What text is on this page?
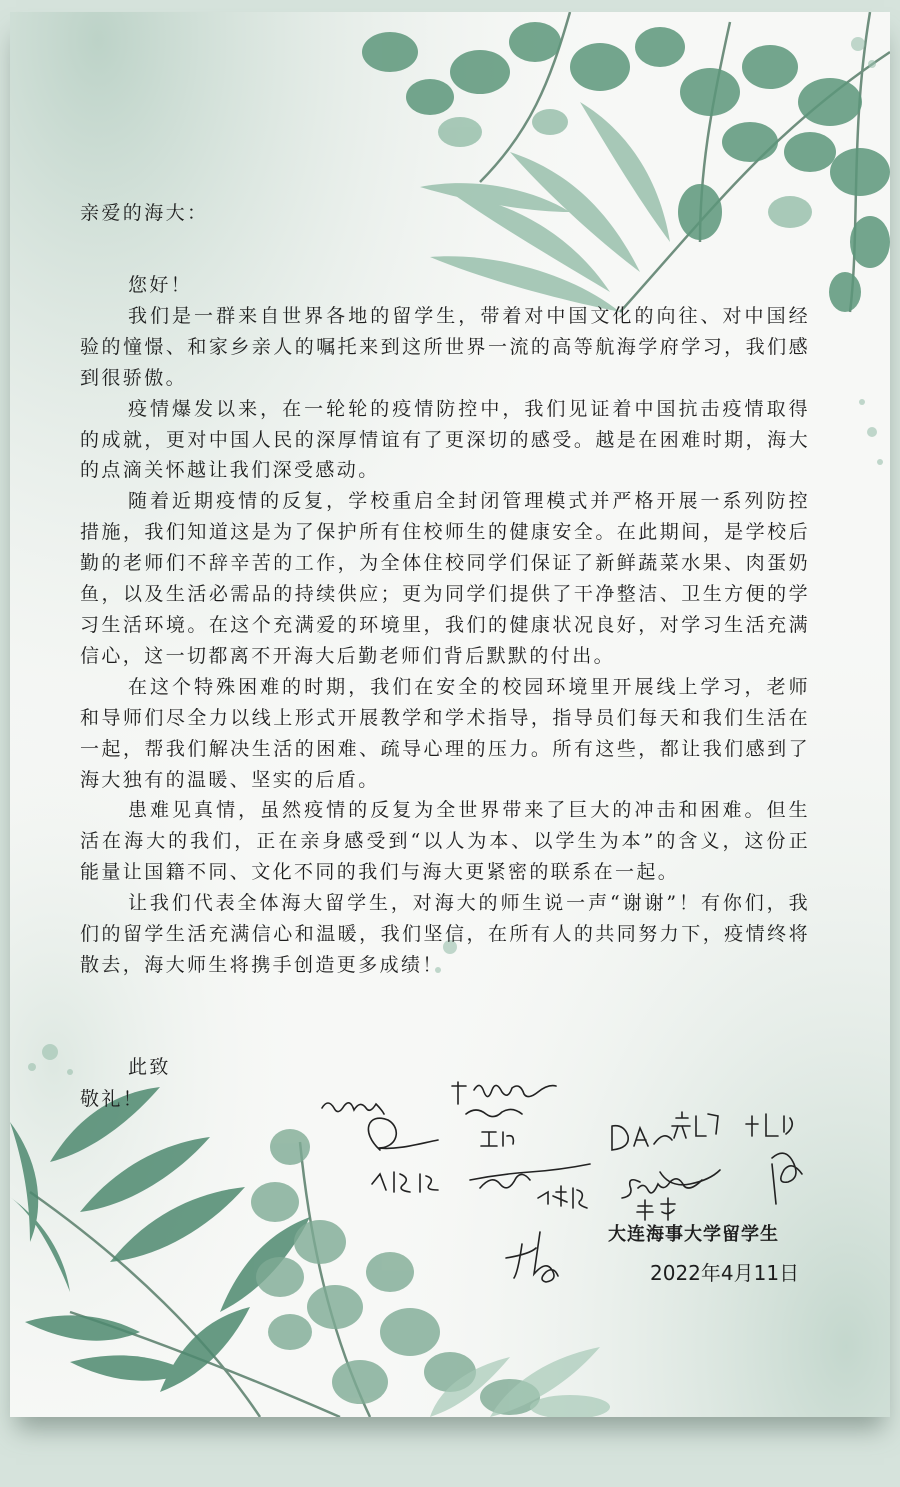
亲爱的海大：
您好！

我们是一群来自世界各地的留学生，带着对中国文化的向往、对中国经验的憧憬、和家乡亲人的嘱托来到这所世界一流的高等航海学府学习，我们感到很骄傲。

疫情爆发以来，在一轮轮的疫情防控中，我们见证着中国抗击疫情取得的成就，更对中国人民的深厚情谊有了更深切的感受。越是在困难时期，海大的点滴关怀越让我们深受感动。

随着近期疫情的反复，学校重启全封闭管理模式并严格开展一系列防控措施，我们知道这是为了保护所有住校师生的健康安全。在此期间，是学校后勤的老师们不辞辛苦的工作，为全体住校同学们保证了新鲜蔬菜水果、肉蛋奶鱼，以及生活必需品的持续供应；更为同学们提供了干净整洁、卫生方便的学习生活环境。在这个充满爱的环境里，我们的健康状况良好，对学习生活充满信心，这一切都离不开海大后勤老师们背后默默的付出。

在这个特殊困难的时期，我们在安全的校园环境里开展线上学习，老师和导师们尽全力以线上形式开展教学和学术指导，指导员们每天和我们生活在一起，帮我们解决生活的困难、疏导心理的压力。所有这些，都让我们感到了海大独有的温暖、坚实的后盾。

患难见真情，虽然疫情的反复为全世界带来了巨大的冲击和困难。但生活在海大的我们，正在亲身感受到“以人为本、以学生为本”的含义，这份正能量让国籍不同、文化不同的我们与海大更紧密的联系在一起。

让我们代表全体海大留学生，对海大的师生说一声“谢谢”！有你们，我们的留学生活充满信心和温暖，我们坚信，在所有人的共同努力下，疫情终将散去，海大师生将携手创造更多成绩！

此致
敬礼！
大连海事大学留学生
2022年4月11日
